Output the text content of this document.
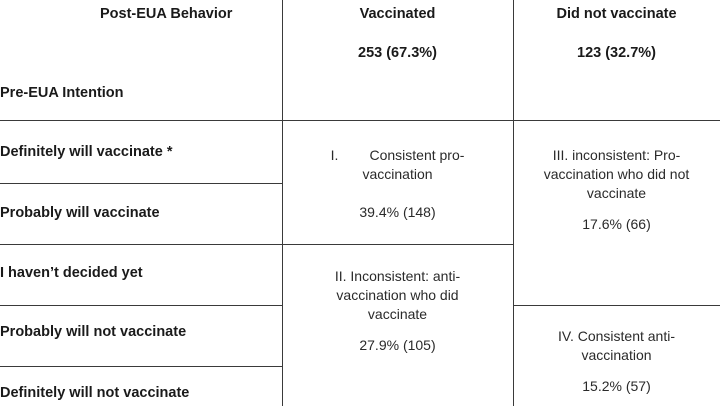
Post-EUA Behavior	Vaccinated
253 (67.3%)
Did not vaccinate
123 (32.7%)
Pre-EUA Intention
Definitely will vaccinate *
Probably will vaccinate
I haven’t decided yet
Probably will not vaccinate
Definitely will not vaccinate
I.        Consistent pro-
vaccination
39.4% (148)
II. Inconsistent: anti-
vaccination who did
vaccinate
27.9% (105)
III. inconsistent: Pro-
vaccination who did not
vaccinate
17.6% (66)
IV. Consistent anti-
vaccination
15.2% (57)
